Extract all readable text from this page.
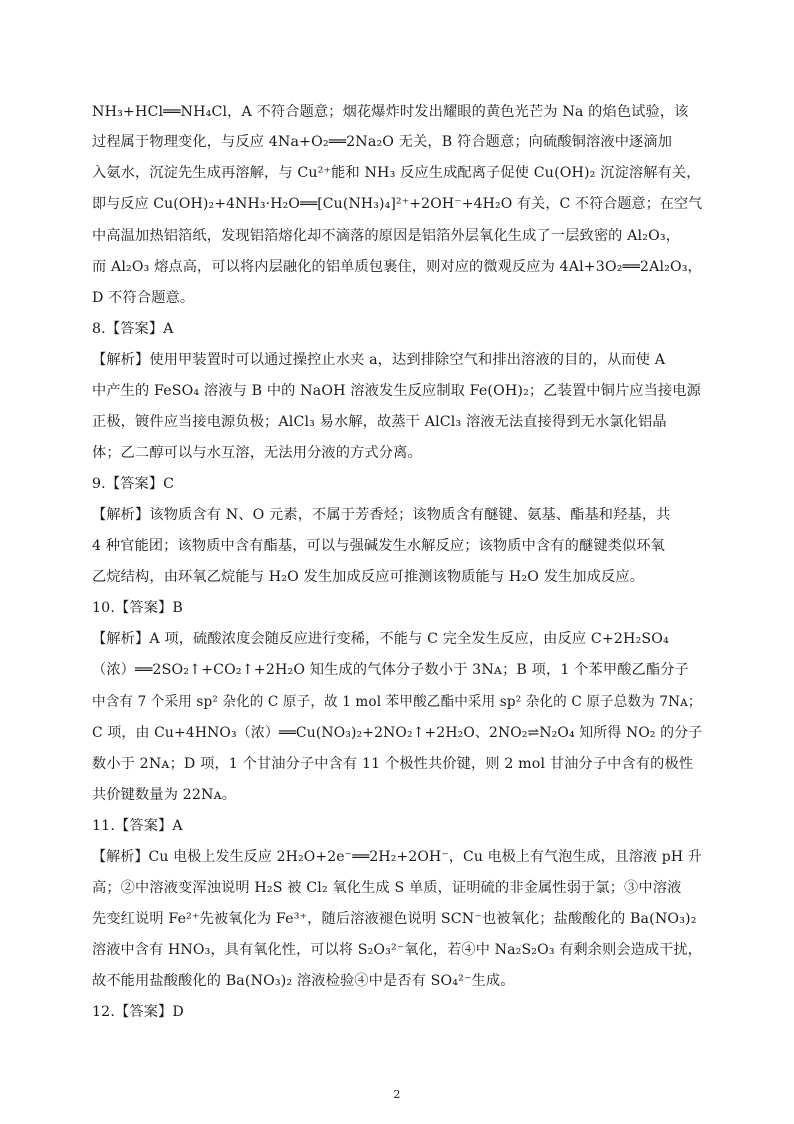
NH₃+HCl══NH₄Cl，A 不符合题意；烟花爆炸时发出耀眼的黄色光芒为 Na 的焰色试验，该
过程属于物理变化，与反应 4Na+O₂══2Na₂O 无关，B 符合题意；向硫酸铜溶液中逐滴加
入氨水，沉淀先生成再溶解，与 Cu²⁺能和 NH₃ 反应生成配离子促使 Cu(OH)₂ 沉淀溶解有关，
即与反应 Cu(OH)₂+4NH₃·H₂O══[Cu(NH₃)₄]²⁺+2OH⁻+4H₂O 有关，C 不符合题意；在空气
中高温加热铝箔纸，发现铝箔熔化却不滴落的原因是铝箔外层氧化生成了一层致密的 Al₂O₃，
而 Al₂O₃ 熔点高，可以将内层融化的铝单质包裹住，则对应的微观反应为 4Al+3O₂══2Al₂O₃，
D 不符合题意。
8.【答案】A
【解析】使用甲装置时可以通过操控止水夹 a，达到排除空气和排出溶液的目的，从而使 A
中产生的 FeSO₄ 溶液与 B 中的 NaOH 溶液发生反应制取 Fe(OH)₂；乙装置中铜片应当接电源
正极，镀件应当接电源负极；AlCl₃ 易水解，故蒸干 AlCl₃ 溶液无法直接得到无水氯化铝晶
体；乙二醇可以与水互溶，无法用分液的方式分离。
9.【答案】C
【解析】该物质含有 N、O 元素，不属于芳香烃；该物质含有醚键、氨基、酯基和羟基，共
4 种官能团；该物质中含有酯基，可以与强碱发生水解反应；该物质中含有的醚键类似环氧
乙烷结构，由环氧乙烷能与 H₂O 发生加成反应可推测该物质能与 H₂O 发生加成反应。
10.【答案】B
【解析】A 项，硫酸浓度会随反应进行变稀，不能与 C 完全发生反应，由反应 C+2H₂SO₄
（浓）══2SO₂↑+CO₂↑+2H₂O 知生成的气体分子数小于 3Nᴀ；B 项，1 个苯甲酸乙酯分子
中含有 7 个采用 sp² 杂化的 C 原子，故 1 mol 苯甲酸乙酯中采用 sp² 杂化的 C 原子总数为 7Nᴀ；
C 项，由 Cu+4HNO₃（浓）══Cu(NO₃)₂+2NO₂↑+2H₂O、2NO₂⇌N₂O₄ 知所得 NO₂ 的分子
数小于 2Nᴀ；D 项，1 个甘油分子中含有 11 个极性共价键，则 2 mol 甘油分子中含有的极性
共价键数量为 22Nᴀ。
11.【答案】A
【解析】Cu 电极上发生反应 2H₂O+2e⁻══2H₂+2OH⁻，Cu 电极上有气泡生成，且溶液 pH 升
高；②中溶液变浑浊说明 H₂S 被 Cl₂ 氧化生成 S 单质，证明硫的非金属性弱于氯；③中溶液
先变红说明 Fe²⁺先被氧化为 Fe³⁺，随后溶液褪色说明 SCN⁻也被氧化；盐酸酸化的 Ba(NO₃)₂
溶液中含有 HNO₃，具有氧化性，可以将 S₂O₃²⁻氧化，若④中 Na₂S₂O₃ 有剩余则会造成干扰，
故不能用盐酸酸化的 Ba(NO₃)₂ 溶液检验④中是否有 SO₄²⁻生成。
12.【答案】D
2
